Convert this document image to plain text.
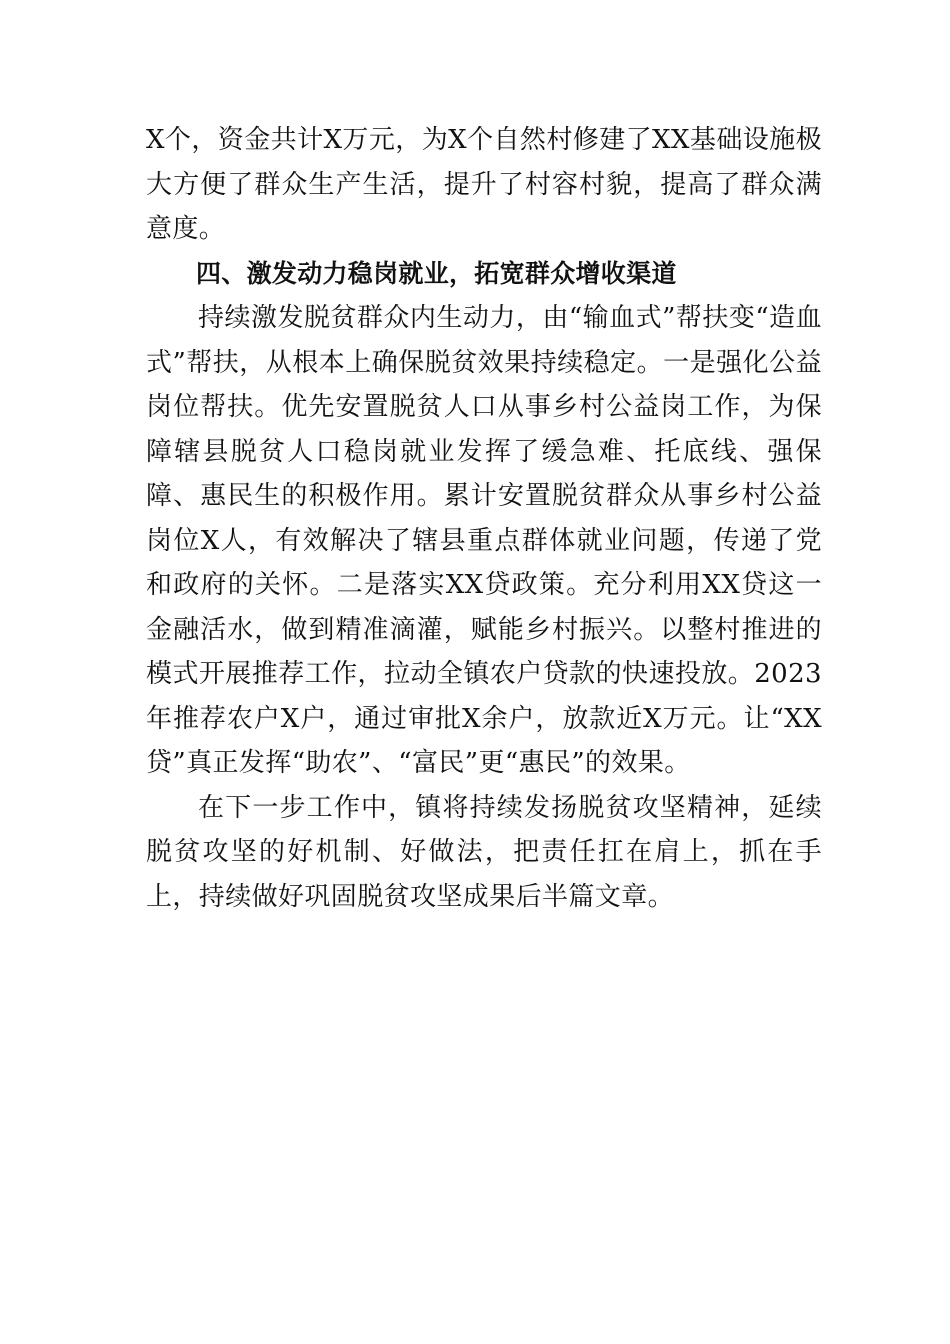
X个，资金共计X万元，为X个自然村修建了XX基础设施极大方便了群众生产生活，提升了村容村貌，提高了群众满意度。

四、激发动力稳岗就业，拓宽群众增收渠道

持续激发脱贫群众内生动力，由“输血式”帮扶变“造血式”帮扶，从根本上确保脱贫效果持续稳定。一是强化公益岗位帮扶。优先安置脱贫人口从事乡村公益岗工作，为保障辖县脱贫人口稳岗就业发挥了缓急难、托底线、强保障、惠民生的积极作用。累计安置脱贫群众从事乡村公益岗位X人，有效解决了辖县重点群体就业问题，传递了党和政府的关怀。二是落实XX贷政策。充分利用XX贷这一金融活水，做到精准滴灌，赋能乡村振兴。以整村推进的模式开展推荐工作，拉动全镇农户贷款的快速投放。2023年推荐农户X户，通过审批X余户，放款近X万元。让“XX贷”真正发挥“助农”、“富民”更“惠民”的效果。

在下一步工作中，镇将持续发扬脱贫攻坚精神，延续脱贫攻坚的好机制、好做法，把责任扛在肩上，抓在手上，持续做好巩固脱贫攻坚成果后半篇文章。
